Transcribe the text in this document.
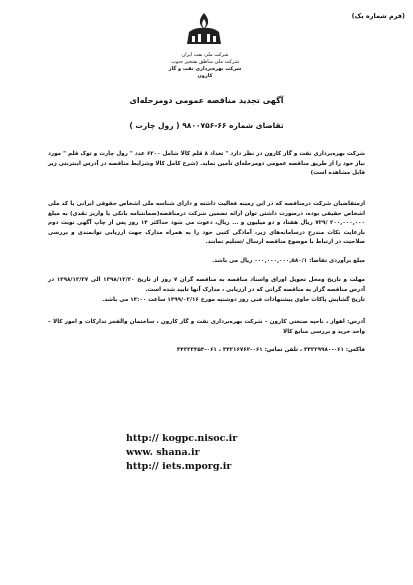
(فرم شماره یک)
شرکت ملی نفت ایران
شرکت ملی مناطق نفتخیز جنوب
شرکت بهره‌برداری نفت و گاز
کارون
آگهی تجدید مناقصه عمومی دومرحله‌ای
تقاضای شماره ۶۶-۹۸۰۰۷۵۶ ( رول چارت )
شرکت بهره‌برداری نفت و گاز کارون در نظر دارد " تعداد ۸ قلم کالا شامل ۶۲۰۰ عدد " رول چارت و توک قلم " مورد نیاز خود را از طریق مناقصه عمومی دومرحله‌ای تأمین نماید. (شرح کامل کالا وشرایط مناقصه در آدرس اینترنتی زیر قابل مشاهده است)
ازمتقاضیان شرکت درمناقصه که در این زمینه فعالیت داشته و دارای شناسه ملی اشخاص حقوقی ایرانی یا کد ملی اشخاص حقیقی بوده، درصورت داشتن توان ارائه تضمین شرکت درمناقصه(ضمانتنامه بانکی یا واریز نقدی) به مبلغ ۲۰۰,۰۰۰,۰۰۰ /۷۲۹ ریال هفتاد و دو میلیون و ... ریال، دعوت می شود حداکثر ۱۴ روز پس از چاپ آگهی نوبت دوم بارعایت نکات مندرج درسامانه‌های زیر، آمادگی کتبی خود را به همراه مدارک جهت ارزیابی توانمندی و بررسی صلاحیت در ارتباط با موضوع مناقصه ارسال /تسلیم نمایند.
مبلغ برآوردی تقاضا: ۰۰۰,۰۰۰,۰۰۰,۵۸۰/۱ ریال می باشد.
مهلت و تاریخ ومحل تحویل اوراق واسناد مناقصه به مناقصه گران ۷ روز از تاریخ ۱۳۹۸/۱۲/۲۰ الی ۱۳۹۸/۱۲/۲۷ در آدرس مناقصه گزار به مناقصه گرانی که در ارزیابی ، مدارک آنها تایید شده است.
تاریخ گشایش پاکات حاوی پیشنهادات فنی روز دوشنبه مورخ ۱۳۹۹/۰۲/۱۶ ساعت ۱۴:۰۰ می باشد.
آدرس: اهواز ، ناحیه صنعتی کارون – شرکت بهره‌برداری نفت و گاز کارون ، ساختمان والفجر تدارکات و امور کالا – واحد خرید و بررسی منابع کالا
فاکس: ۰۶۱-۳۴۲۲۹۹۸۰ ، تلفن تماس: ۰۶۱-۳۴۲۱۶۷۶۲ ، ۰۶۱-۳۴۲۲۳۳۵۳
http:// kogpc.nisoc.ir
www. shana.ir
http:// iets.mporg.ir
